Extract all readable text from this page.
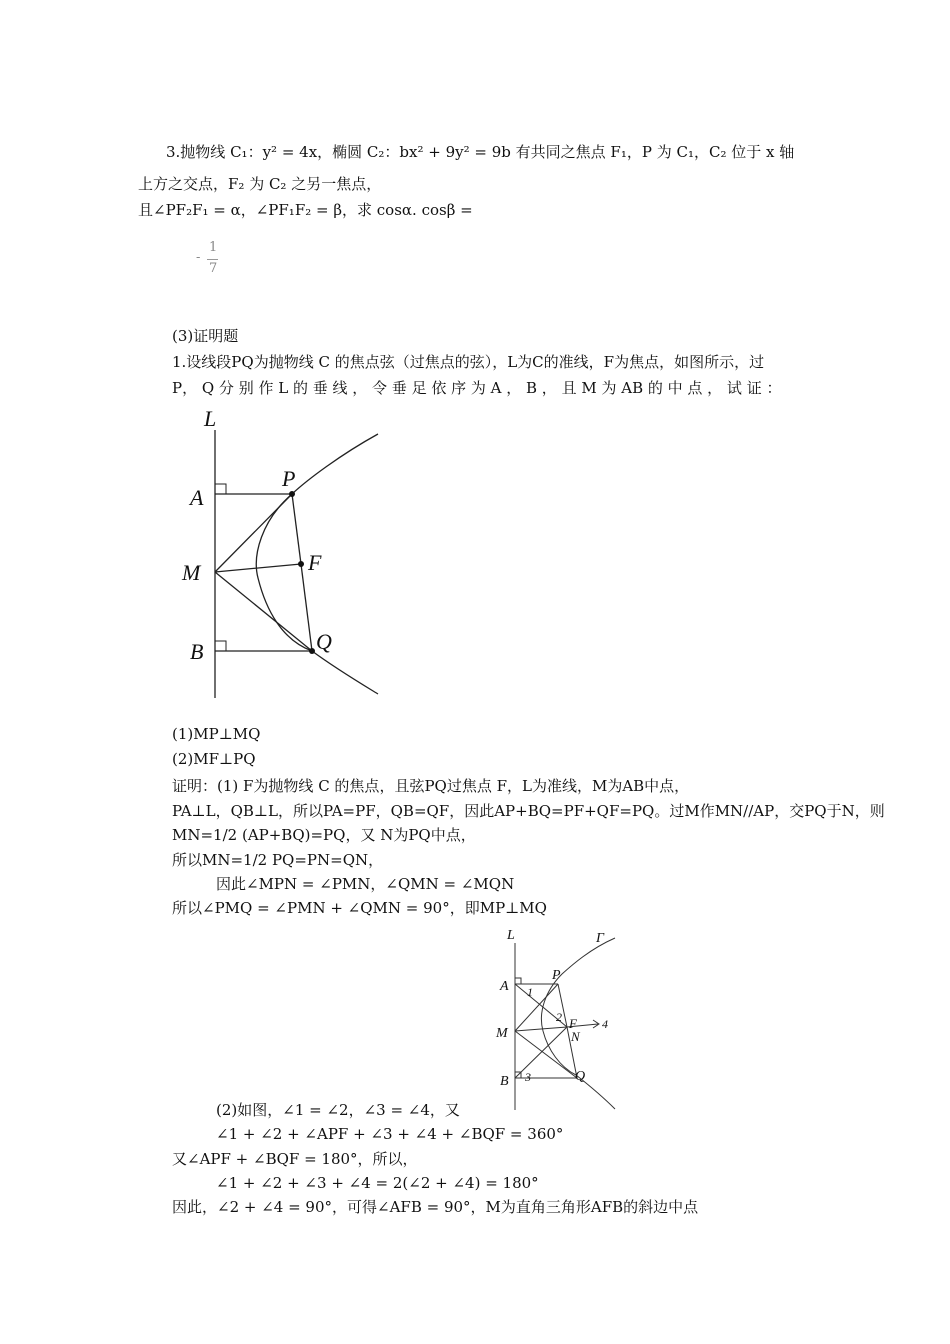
3.抛物线 C₁：y² = 4x，椭圆 C₂：bx² + 9y² = 9b 有共同之焦点 F₁，P 为 C₁，C₂ 位于 x 轴
上方之交点，F₂ 为 C₂ 之另一焦点，
且∠PF₂F₁ = α，∠PF₁F₂ = β，求 cosα. cosβ =
-
1
7
(3)证明题
1.设线段PQ为抛物线 C 的焦点弦（过焦点的弦），L为C的准线，F为焦点，如图所示，过
P， Q 分 别 作 L 的 垂 线 ， 令 垂 足 依 序 为 A ， B ， 且 M 为 AB 的 中 点 ， 试 证 ：
L
A
P
M	F
B	Q
(1)MP⊥MQ
(2)MF⊥PQ
证明：(1) F为抛物线 C 的焦点，且弦PQ过焦点 F，L为准线，M为AB中点，
PA⊥L，QB⊥L，所以PA=PF，QB=QF，因此AP+BQ=PF+QF=PQ。过M作MN//AP，交PQ于N，则
MN=1/2 (AP+BQ)=PQ，又 N为PQ中点，
所以MN=1/2 PQ=PN=QN，
因此∠MPN = ∠PMN，∠QMN = ∠MQN
所以∠PMQ = ∠PMN + ∠QMN = 90°，即MP⊥MQ
L	Γ
A
P
1
2 F 4
M	N
B 3	Q
(2)如图，∠1 = ∠2，∠3 = ∠4，又
∠1 + ∠2 + ∠APF + ∠3 + ∠4 + ∠BQF = 360°
又∠APF + ∠BQF = 180°，所以，
∠1 + ∠2 + ∠3 + ∠4 = 2(∠2 + ∠4) = 180°
因此，∠2 + ∠4 = 90°，可得∠AFB = 90°，M为直角三角形AFB的斜边中点
